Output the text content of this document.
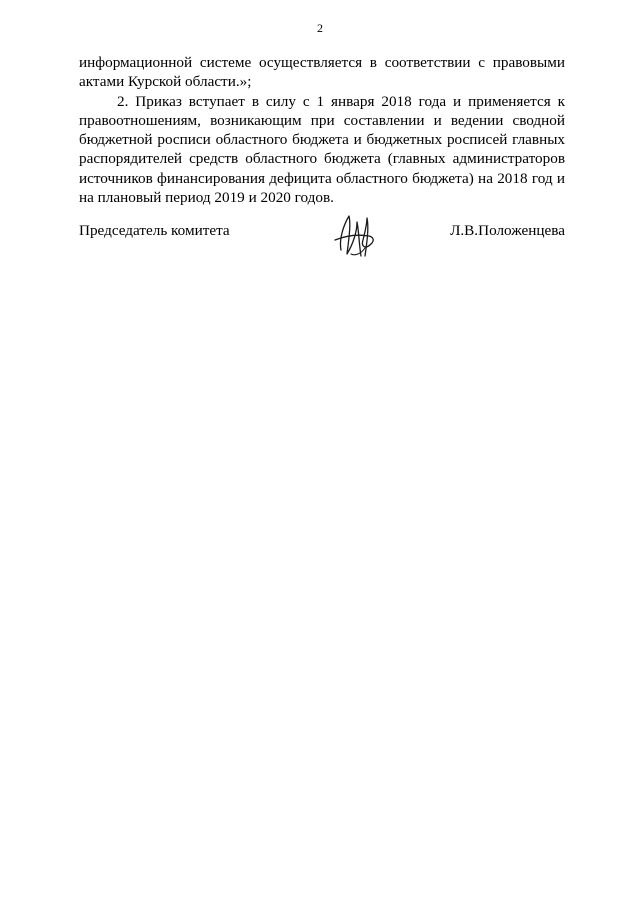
2

информационной системе осуществляется в соответствии с правовыми актами Курской области.»;

2. Приказ вступает в силу с 1 января 2018 года и применяется к правоотношениям, возникающим при составлении и ведении сводной бюджетной росписи областного бюджета и бюджетных росписей главных распорядителей средств областного бюджета (главных администраторов источников финансирования дефицита областного бюджета) на 2018 год и на плановый период 2019 и 2020 годов.

Председатель комитета	Л.В.Положенцева
